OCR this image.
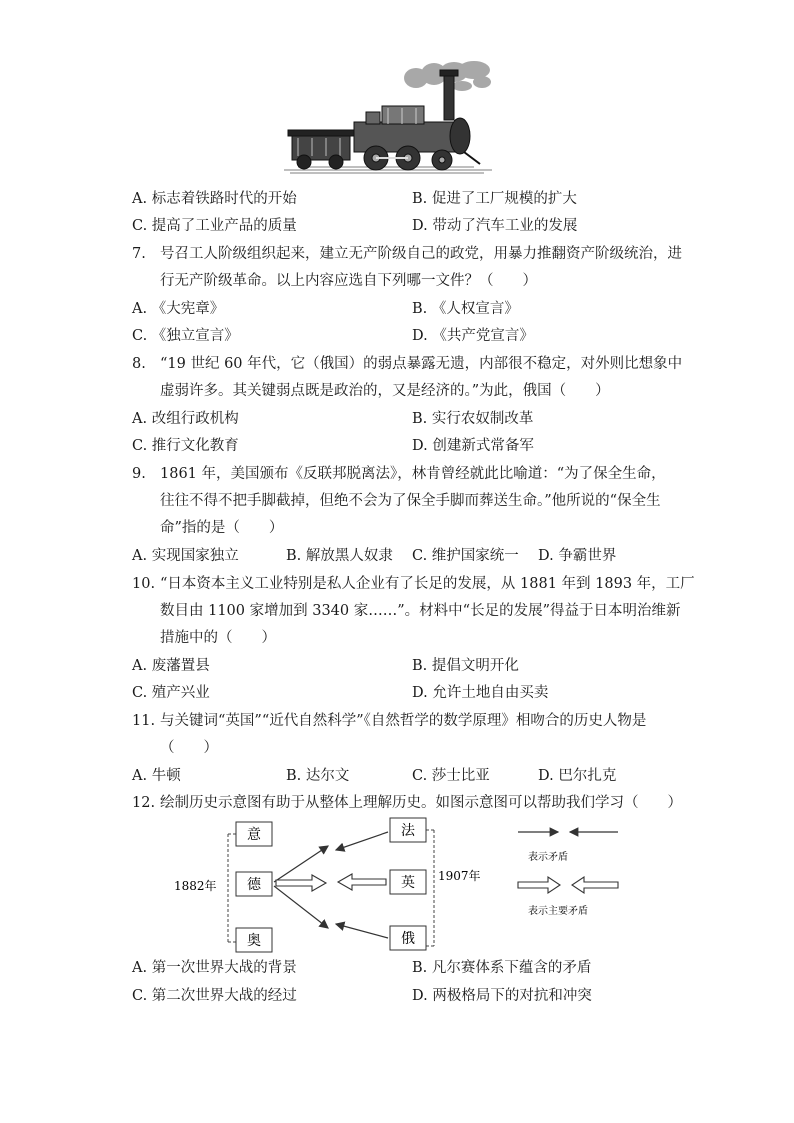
A. 标志着铁路时代的开始	B. 促进了工厂规模的扩大
C. 提高了工业产品的质量	D. 带动了汽车工业的发展
7. 号召工人阶级组织起来，建立无产阶级自己的政党，用暴力推翻资产阶级统治，进
行无产阶级革命。以上内容应选自下列哪一文件？（　　）
A. 《大宪章》	B. 《人权宣言》
C. 《独立宣言》	D. 《共产党宣言》
8. “19 世纪 60 年代，它（俄国）的弱点暴露无遗，内部很不稳定，对外则比想象中
虚弱许多。其关键弱点既是政治的，又是经济的。”为此，俄国（　　）
A. 改组行政机构	B. 实行农奴制改革
C. 推行文化教育	D. 创建新式常备军
9. 1861 年，美国颁布《反联邦脱离法》，林肯曾经就此比喻道：“为了保全生命，
往往不得不把手脚截掉，但绝不会为了保全手脚而葬送生命。”他所说的“保全生
命”指的是（　　）
A. 实现国家独立	B. 解放黑人奴隶 C. 维护国家统一 D. 争霸世界
10. “日本资本主义工业特别是私人企业有了长足的发展，从 1881 年到 1893 年，工厂
数目由 1100 家增加到 3340 家……”。材料中“长足的发展”得益于日本明治维新
措施中的（　　）
A. 废藩置县	B. 提倡文明开化
C. 殖产兴业	D. 允许土地自由买卖
11. 与关键词“英国”“近代自然科学”《自然哲学的数学原理》相吻合的历史人物是
（　　）
A. 牛顿	B. 达尔文	C. 莎士比亚	D. 巴尔扎克
12. 绘制历史示意图有助于从整体上理解历史。如图示意图可以帮助我们学习（　　）
意
德
奥
法
英
俄
1882年
1907年
表示矛盾
表示主要矛盾
A. 第一次世界大战的背景	B. 凡尔赛体系下蕴含的矛盾
C. 第二次世界大战的经过	D. 两极格局下的对抗和冲突
